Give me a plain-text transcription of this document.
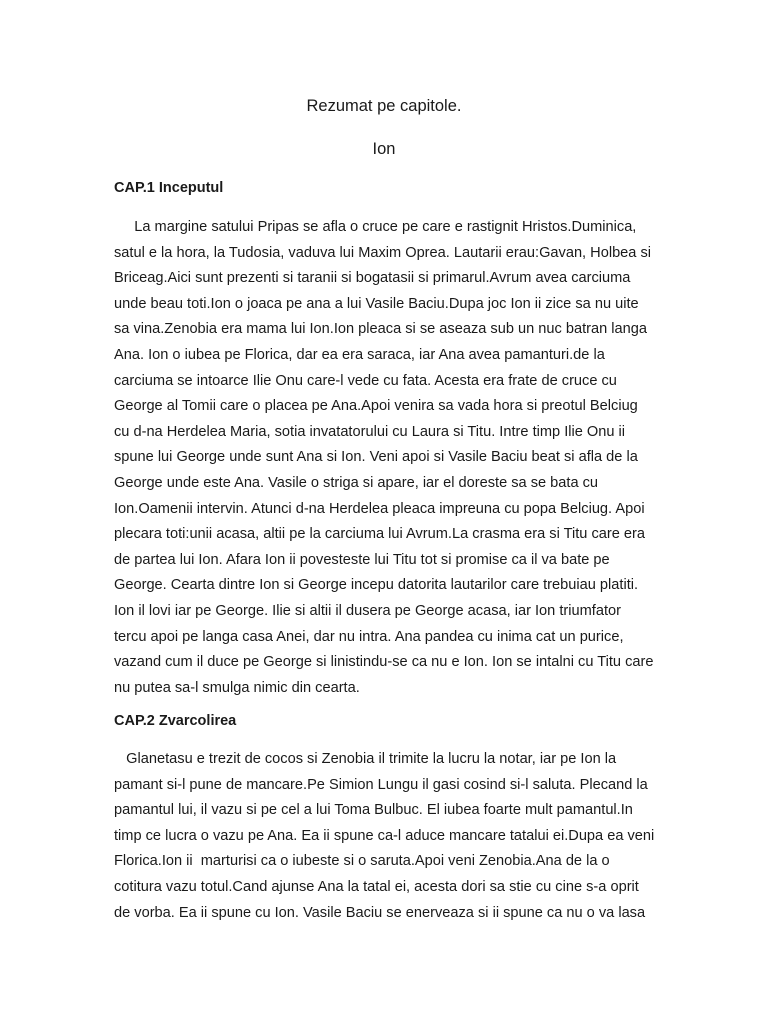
Rezumat pe capitole.
Ion
CAP.1 Inceputul

La margine satului Pripas se afla o cruce pe care e rastignit Hristos.Duminica,
satul e la hora, la Tudosia, vaduva lui Maxim Oprea. Lautarii erau:Gavan, Holbea si
Briceag.Aici sunt prezenti si taranii si bogatasii si primarul.Avrum avea carciuma
unde beau toti.Ion o joaca pe ana a lui Vasile Baciu.Dupa joc Ion ii zice sa nu uite
sa vina.Zenobia era mama lui Ion.Ion pleaca si se aseaza sub un nuc batran langa
Ana. Ion o iubea pe Florica, dar ea era saraca, iar Ana avea pamanturi.de la
carciuma se intoarce Ilie Onu care-l vede cu fata. Acesta era frate de cruce cu
George al Tomii care o placea pe Ana.Apoi venira sa vada hora si preotul Belciug
cu d-na Herdelea Maria, sotia invatatorului cu Laura si Titu. Intre timp Ilie Onu ii
spune lui George unde sunt Ana si Ion. Veni apoi si Vasile Baciu beat si afla de la
George unde este Ana. Vasile o striga si apare, iar el doreste sa se bata cu
Ion.Oamenii intervin. Atunci d-na Herdelea pleaca impreuna cu popa Belciug. Apoi
plecara toti:unii acasa, altii pe la carciuma lui Avrum.La crasma era si Titu care era
de partea lui Ion. Afara Ion ii povesteste lui Titu tot si promise ca il va bate pe
George. Cearta dintre Ion si George incepu datorita lautarilor care trebuiau platiti.
Ion il lovi iar pe George. Ilie si altii il dusera pe George acasa, iar Ion triumfator
tercu apoi pe langa casa Anei, dar nu intra. Ana pandea cu inima cat un purice,
vazand cum il duce pe George si linistindu-se ca nu e Ion. Ion se intalni cu Titu care
nu putea sa-l smulga nimic din cearta.

CAP.2 Zvarcolirea

Glanetasu e trezit de cocos si Zenobia il trimite la lucru la notar, iar pe Ion la
pamant si-l pune de mancare.Pe Simion Lungu il gasi cosind si-l saluta. Plecand la
pamantul lui, il vazu si pe cel a lui Toma Bulbuc. El iubea foarte mult pamantul.In
timp ce lucra o vazu pe Ana. Ea ii spune ca-l aduce mancare tatalui ei.Dupa ea veni
Florica.Ion ii  marturisi ca o iubeste si o saruta.Apoi veni Zenobia.Ana de la o
cotitura vazu totul.Cand ajunse Ana la tatal ei, acesta dori sa stie cu cine s-a oprit
de vorba. Ea ii spune cu Ion. Vasile Baciu se enerveaza si ii spune ca nu o va lasa
